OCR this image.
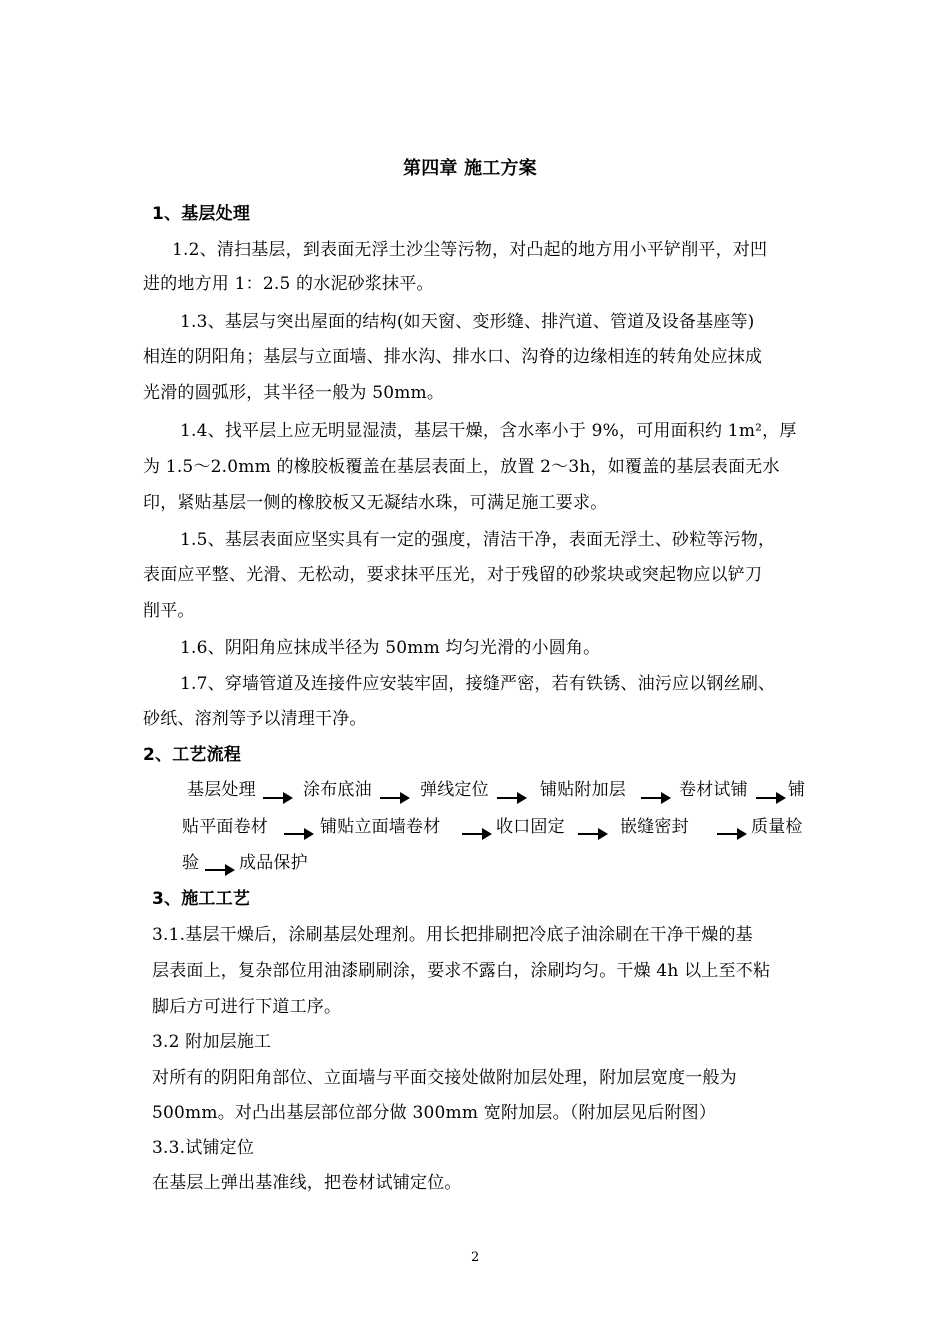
第四章 施工方案
1、基层处理
1.2、清扫基层，到表面无浮土沙尘等污物，对凸起的地方用小平铲削平，对凹
进的地方用 1：2.5 的水泥砂浆抹平。
1.3、基层与突出屋面的结构(如天窗、变形缝、排汽道、管道及设备基座等)
相连的阴阳角；基层与立面墙、排水沟、排水口、沟脊的边缘相连的转角处应抹成
光滑的圆弧形，其半径一般为 50mm。
1.4、找平层上应无明显湿渍，基层干燥，含水率小于 9%，可用面积约 1m²，厚
为 1.5～2.0mm 的橡胶板覆盖在基层表面上，放置 2～3h，如覆盖的基层表面无水
印，紧贴基层一侧的橡胶板又无凝结水珠，可满足施工要求。
1.5、基层表面应坚实具有一定的强度，清洁干净，表面无浮土、砂粒等污物，
表面应平整、光滑、无松动，要求抹平压光，对于残留的砂浆块或突起物应以铲刀
削平。
1.6、阴阳角应抹成半径为 50mm 均匀光滑的小圆角。
1.7、穿墙管道及连接件应安装牢固，接缝严密，若有铁锈、油污应以钢丝刷、
砂纸、溶剂等予以清理干净。
2、工艺流程
基层处理	涂布底油	弹线定位	铺贴附加层	卷材试铺 铺
贴平面卷材	铺贴立面墙卷材	收口固定	嵌缝密封	质量检
验 成品保护
3、施工工艺
3.1.基层干燥后，涂刷基层处理剂。用长把排刷把冷底子油涂刷在干净干燥的基
层表面上，复杂部位用油漆刷刷涂，要求不露白，涂刷均匀。干燥 4h 以上至不粘
脚后方可进行下道工序。
3.2 附加层施工
对所有的阴阳角部位、立面墙与平面交接处做附加层处理，附加层宽度一般为
500mm。对凸出基层部位部分做 300mm 宽附加层。（附加层见后附图）
3.3.试铺定位
在基层上弹出基准线，把卷材试铺定位。
2
